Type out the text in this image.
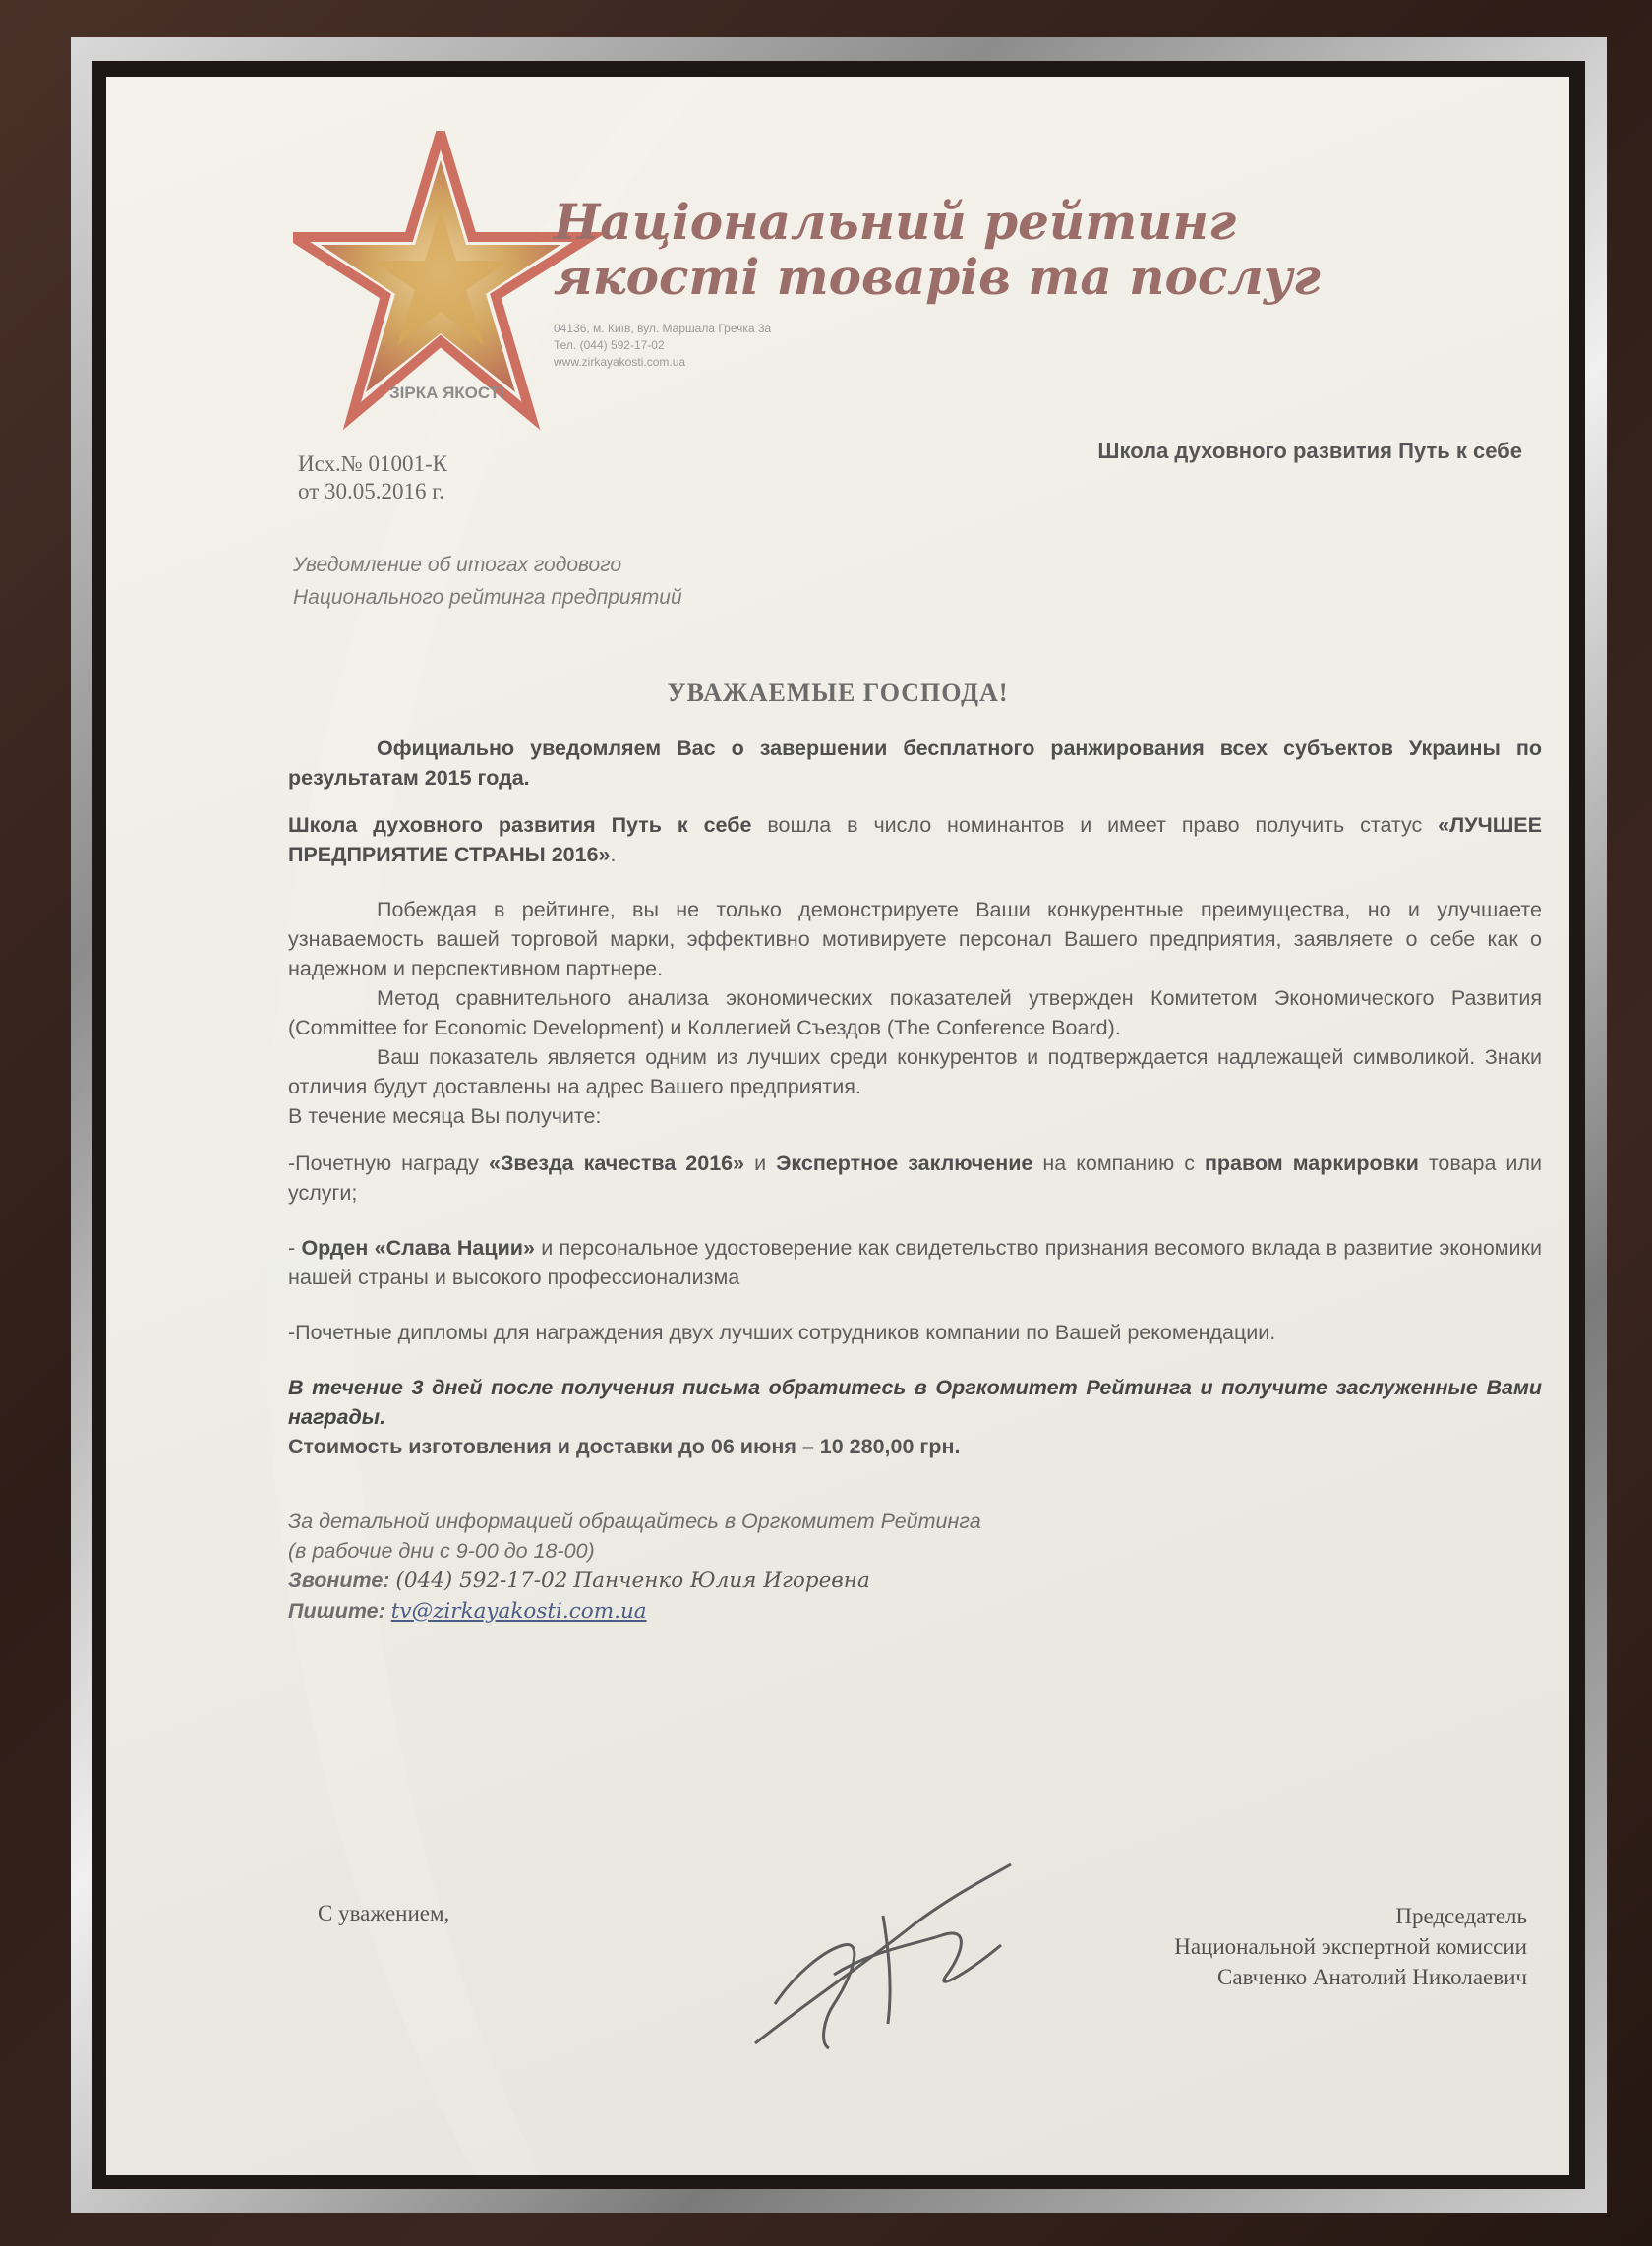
ЗІРКА ЯКОСТІ
Національний рейтинг
якості товарів та послуг
04136, м. Київ, вул. Маршала Гречка 3а
Тел. (044) 592-17-02
www.zirkayakosti.com.ua
Исх.№ 01001-К
от 30.05.2016 г.
Школа духовного развития Путь к себе
Уведомление об итогах годового
Национального рейтинга предприятий
УВАЖАЕМЫЕ ГОСПОДА!

Официально уведомляем Вас о завершении бесплатного ранжирования всех субъектов Украины по результатам 2015 года.

Школа духовного развития Путь к себе вошла в число номинантов и имеет право получить статус «ЛУЧШЕЕ ПРЕДПРИЯТИЕ СТРАНЫ 2016».

Побеждая в рейтинге, вы не только демонстрируете Ваши конкурентные преимущества, но и улучшаете узнаваемость вашей торговой марки, эффективно мотивируете персонал Вашего предприятия, заявляете о себе как о надежном и перспективном партнере.

Метод сравнительного анализа экономических показателей утвержден Комитетом Экономического Развития (Committee for Economic Development) и Коллегией Съездов (The Conference Board).

Ваш показатель является одним из лучших среди конкурентов и подтверждается надлежащей символикой. Знаки отличия будут доставлены на адрес Вашего предприятия.

В течение месяца Вы получите:

-Почетную награду «Звезда качества 2016» и Экспертное заключение на компанию с правом маркировки товара или услуги;

- Орден «Слава Нации» и персональное удостоверение как свидетельство признания весомого вклада в развитие экономики нашей страны и высокого профессионализма

-Почетные дипломы для награждения двух лучших сотрудников компании по Вашей рекомендации.

В течение 3 дней после получения письма обратитесь в Оргкомитет Рейтинга и получите заслуженные Вами награды.

Стоимость изготовления и доставки до 06 июня – 10 280,00 грн.

За детальной информацией обращайтесь в Оргкомитет Рейтинга

(в рабочие дни с 9-00 до 18-00)

Звоните: (044) 592-17-02 Панченко Юлия Игоревна

Пишите: tv@zirkayakosti.com.ua

С уважением,	Председатель
Национальной экспертной комиссии
Савченко Анатолий Николаевич
